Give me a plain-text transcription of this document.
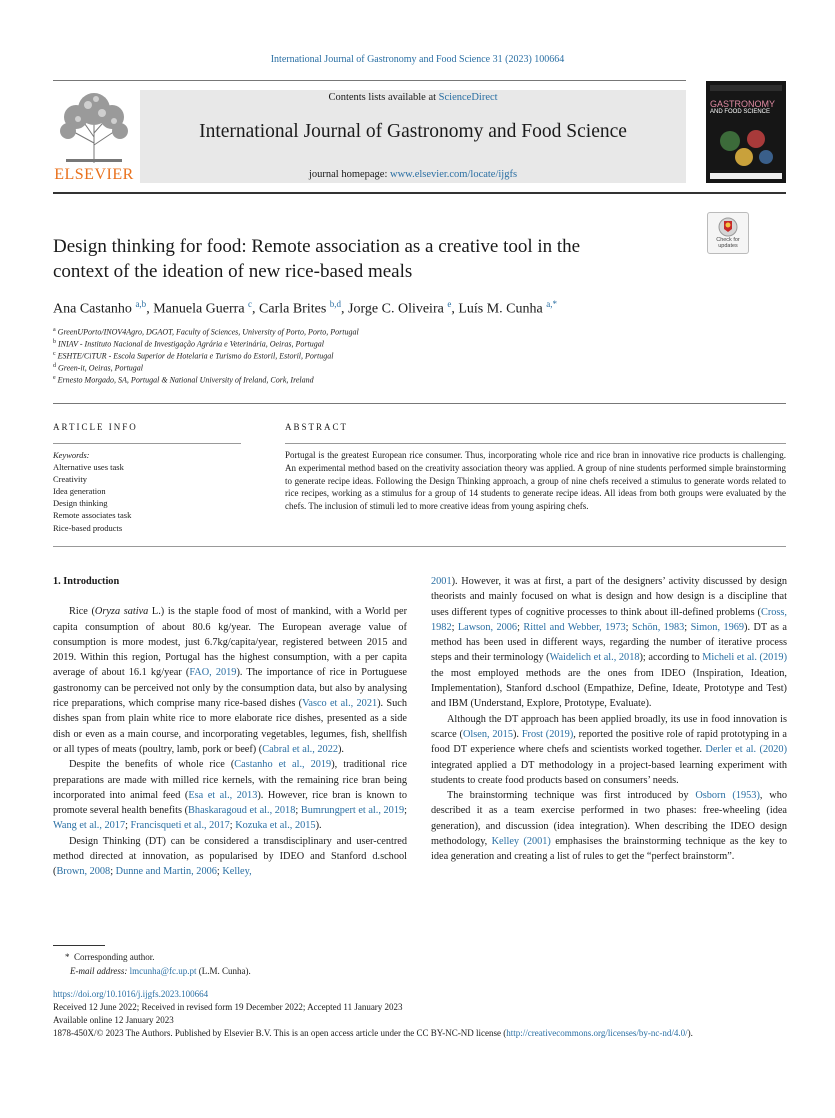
International Journal of Gastronomy and Food Science 31 (2023) 100664
ELSEVIER
Contents lists available at ScienceDirect
International Journal of Gastronomy and Food Science
journal homepage: www.elsevier.com/locate/ijgfs
GASTRONOMY
AND FOOD SCIENCE
Check for updates
Design thinking for food: Remote association as a creative tool in the
context of the ideation of new rice-based meals
Ana Castanho $^{a,b}$, Manuela Guerra $^c$, Carla Brites $^{b,d}$, Jorge C. Oliveira $^e$, Luís M. Cunha $^{a,*}$
$^a$ GreenUPorto/INOV4Agro, DGAOT, Faculty of Sciences, University of Porto, Porto, Portugal
$^b$ INIAV - Instituto Nacional de Investigação Agrária e Veterinária, Oeiras, Portugal
$^c$ ESHTE/CiTUR - Escola Superior de Hotelaria e Turismo do Estoril, Estoril, Portugal
$^d$ Green-it, Oeiras, Portugal
$^e$ Ernesto Morgado, SA, Portugal & National University of Ireland, Cork, Ireland
ARTICLE INFO	ABSTRACT
Keywords:
Alternative uses task
Creativity
Idea generation
Design thinking
Remote associates task
Rice-based products
Portugal is the greatest European rice consumer. Thus, incorporating whole rice and rice bran in innovative rice products is challenging. An experimental method based on the creativity association theory was applied. A group of nine students performed simple brainstorming to generate recipe ideas. Following the Design Thinking approach, a group of nine chefs received a stimulus to generate words related to rice recipes, working as a stimulus for a group of 14 students to generate recipe ideas. All ideas from both groups were evaluated by the chefs. The inclusion of stimuli led to more creative ideas from young aspiring chefs.

1. Introduction

Rice (Oryza sativa L.) is the staple food of most of mankind, with a World per capita consumption of about 80.6 kg/year. The European average value of consumption is more modest, just 6.7kg/capita/year, registered between 2015 and 2019. Within this region, Portugal has the highest consumption, with a per capita average of about 16.1 kg/year (FAO, 2019). The importance of rice in Portuguese gastronomy can be perceived not only by the consumption data, but also by analysing rice preparations, which comprise many rice-based dishes (Vasco et al., 2021). Such dishes span from plain white rice to more elaborate rice dishes, presented as a side dish or even as a main course, and incorporating vegetables, legumes, fish, shellfish or all types of meats (poultry, lamb, pork or beef) (Cabral et al., 2022).

Despite the benefits of whole rice (Castanho et al., 2019), traditional rice preparations are made with milled rice kernels, with the remaining rice bran being incorporated into animal feed (Esa et al., 2013). However, rice bran is known to promote several health benefits (Bhaskaragoud et al., 2018; Bumrungpert et al., 2019; Wang et al., 2017; Francisqueti et al., 2017; Kozuka et al., 2015).

Design Thinking (DT) can be considered a transdisciplinary and user-centred method directed at innovation, as popularised by IDEO and Stanford d.school (Brown, 2008; Dunne and Martin, 2006; Kelley,

2001). However, it was at first, a part of the designers’ activity discussed by design theorists and mainly focused on what is design and how design is a discipline that uses different types of cognitive processes to think about ill-defined problems (Cross, 1982; Lawson, 2006; Rittel and Webber, 1973; Schön, 1983; Simon, 1969). DT as a method has been used in different ways, regarding the number of iterative process steps and their terminology (Waidelich et al., 2018); according to Micheli et al. (2019) the most employed methods are the ones from IDEO (Inspiration, Ideation, Implementation), Stanford d.school (Empathize, Define, Ideate, Prototype and Test) and IBM (Understand, Explore, Prototype, Evaluate).

Although the DT approach has been applied broadly, its use in food innovation is scarce (Olsen, 2015). Frost (2019), reported the positive role of rapid prototyping in a food DT experience where chefs and scientists worked together. Derler et al. (2020) integrated applied a DT methodology in a project-based learning experiment with students to create food products based on consumers’ needs.

The brainstorming technique was first introduced by Osborn (1953), who described it as a team exercise performed in two phases: free-wheeling (idea generation), and discussion (idea integration). When describing the IDEO design methodology, Kelley (2001) emphasises the brainstorming technique as the key to idea generation and creating a list of rules to get the “perfect brainstorm”.

* Corresponding author.
E-mail address: lmcunha@fc.up.pt (L.M. Cunha).
https://doi.org/10.1016/j.ijgfs.2023.100664
Received 12 June 2022; Received in revised form 19 December 2022; Accepted 11 January 2023
Available online 12 January 2023
1878-450X/© 2023 The Authors. Published by Elsevier B.V. This is an open access article under the CC BY-NC-ND license (http://creativecommons.org/licenses/by-nc-nd/4.0/).
